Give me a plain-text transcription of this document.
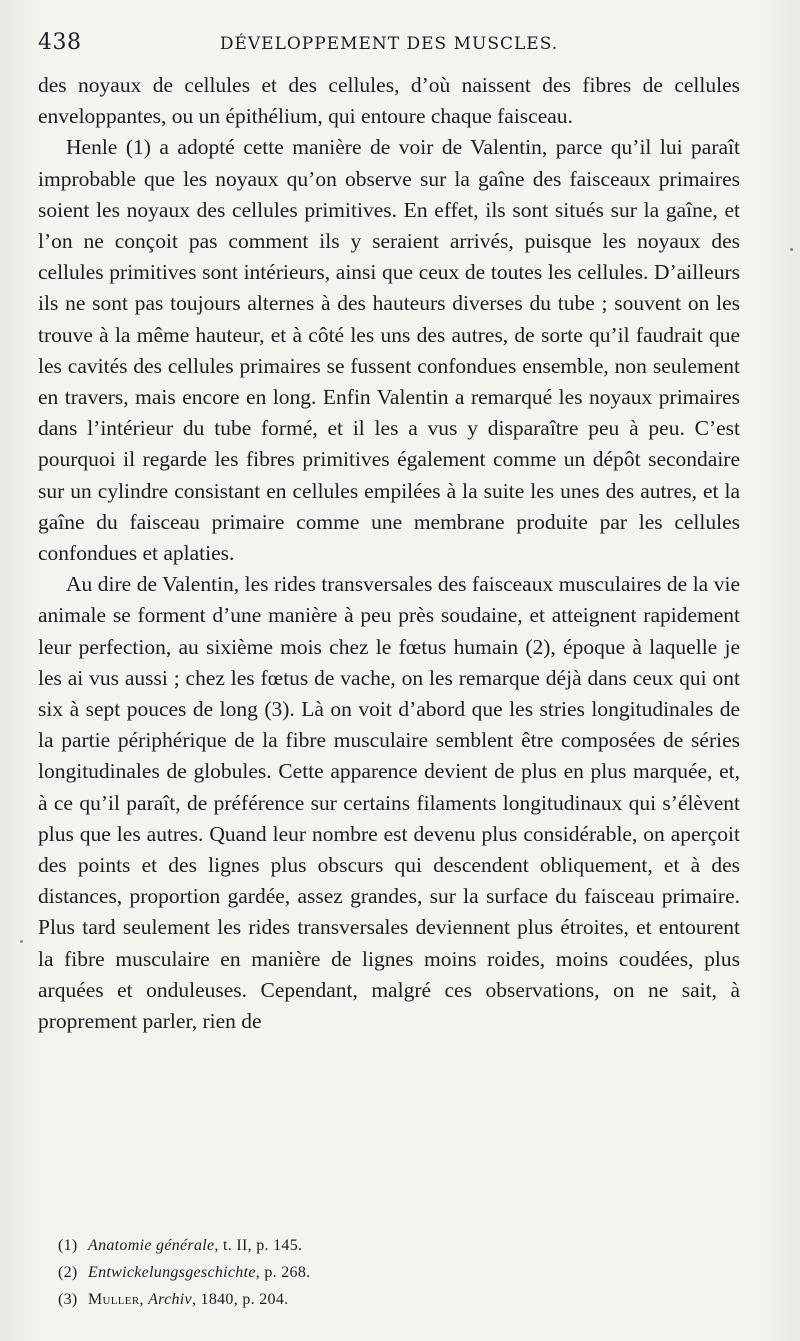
438	DÉVELOPPEMENT DES MUSCLES.

des noyaux de cellules et des cellules, d’où naissent des fibres de cellules enveloppantes, ou un épithélium, qui entoure chaque faisceau.

Henle (1) a adopté cette manière de voir de Valentin, parce qu’il lui paraît improbable que les noyaux qu’on observe sur la gaîne des faisceaux primaires soient les noyaux des cellules primitives. En effet, ils sont situés sur la gaîne, et l’on ne conçoit pas comment ils y seraient arrivés, puisque les noyaux des cellules primitives sont intérieurs, ainsi que ceux de toutes les cellules. D’ailleurs ils ne sont pas toujours alternes à des hauteurs diverses du tube ; souvent on les trouve à la même hauteur, et à côté les uns des autres, de sorte qu’il faudrait que les cavités des cellules primaires se fussent confondues ensemble, non seulement en travers, mais encore en long. Enfin Valentin a remarqué les noyaux primaires dans l’intérieur du tube formé, et il les a vus y disparaître peu à peu. C’est pourquoi il regarde les fibres primitives également comme un dépôt secondaire sur un cylindre consistant en cellules empilées à la suite les unes des autres, et la gaîne du faisceau primaire comme une membrane produite par les cellules confondues et aplaties.

Au dire de Valentin, les rides transversales des faisceaux musculaires de la vie animale se forment d’une manière à peu près soudaine, et atteignent rapidement leur perfection, au sixième mois chez le fœtus humain (2), époque à laquelle je les ai vus aussi ; chez les fœtus de vache, on les remarque déjà dans ceux qui ont six à sept pouces de long (3). Là on voit d’abord que les stries longitudinales de la partie périphérique de la fibre musculaire semblent être composées de séries longitudinales de globules. Cette apparence devient de plus en plus marquée, et, à ce qu’il paraît, de préférence sur certains filaments longitudinaux qui s’élèvent plus que les autres. Quand leur nombre est devenu plus considérable, on aperçoit des points et des lignes plus obscurs qui descendent obliquement, et à des distances, proportion gardée, assez grandes, sur la surface du faisceau primaire. Plus tard seulement les rides transversales deviennent plus étroites, et entourent la fibre musculaire en manière de lignes moins roides, moins coudées, plus arquées et onduleuses. Cependant, malgré ces observations, on ne sait, à proprement parler, rien de

(1) Anatomie générale, t. II, p. 145.
(2) Entwickelungsgeschichte, p. 268.
(3) Muller, Archiv, 1840, p. 204.
